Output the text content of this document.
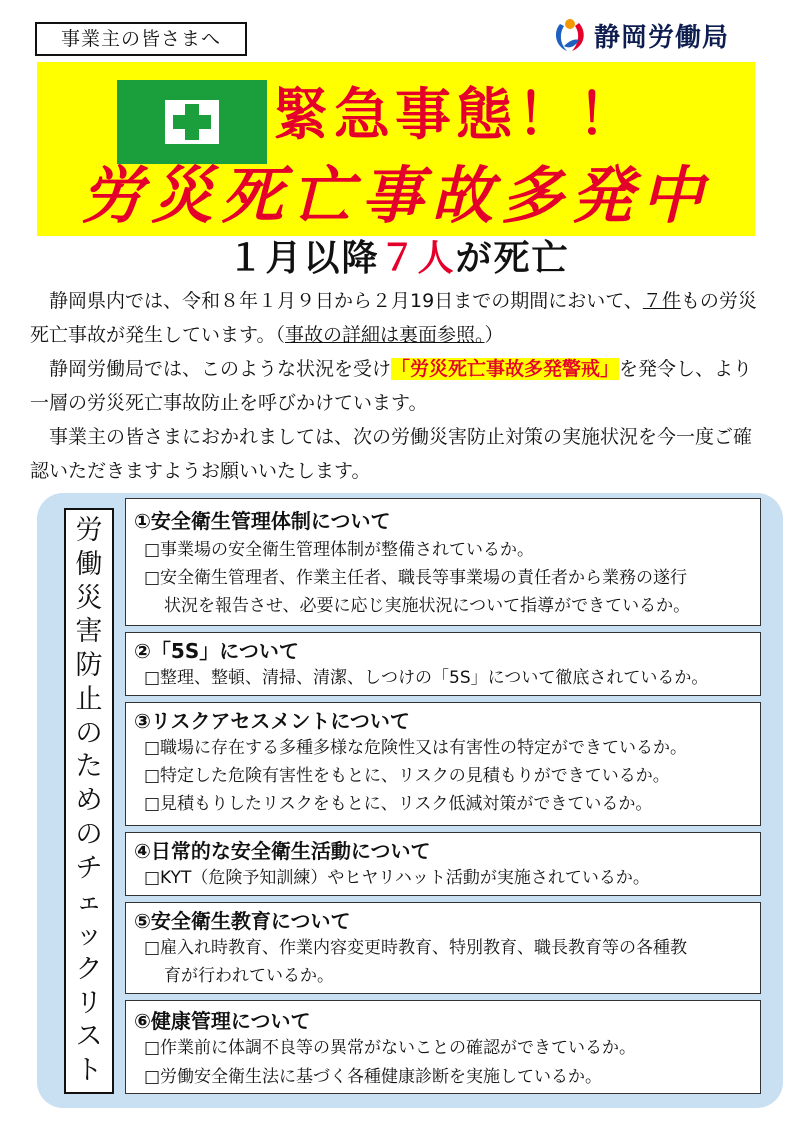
事業主の皆さまへ	静岡労働局
緊急事態！！
労災死亡事故多発中
１月以降７人が死亡
　静岡県内では、令和８年１月９日から２月19日までの期間において、７件もの労災死亡事故が発生しています。（事故の詳細は裏面参照。）
　静岡労働局では、このような状況を受け「労災死亡事故多発警戒」を発令し、より一層の労災死亡事故防止を呼びかけています。
　事業主の皆さまにおかれましては、次の労働災害防止対策の実施状況を今一度ご確認いただきますようお願いいたします。
労
働
災
害
防
止
の
た
め
の
チ
ェ
ッ
ク
リ
ス
ト
①安全衛生管理体制について
□事業場の安全衛生管理体制が整備されているか。
□安全衛生管理者、作業主任者、職長等事業場の責任者から業務の遂行
状況を報告させ、必要に応じ実施状況について指導ができているか。
②「5S」について
□整理、整頓、清掃、清潔、しつけの「5S」について徹底されているか。
③リスクアセスメントについて
□職場に存在する多種多様な危険性又は有害性の特定ができているか。
□特定した危険有害性をもとに、リスクの見積もりができているか。
□見積もりしたリスクをもとに、リスク低減対策ができているか。
④日常的な安全衛生活動について
□KYT（危険予知訓練）やヒヤリハット活動が実施されているか。
⑤安全衛生教育について
□雇入れ時教育、作業内容変更時教育、特別教育、職長教育等の各種教
育が行われているか。
⑥健康管理について
□作業前に体調不良等の異常がないことの確認ができているか。
□労働安全衛生法に基づく各種健康診断を実施しているか。
